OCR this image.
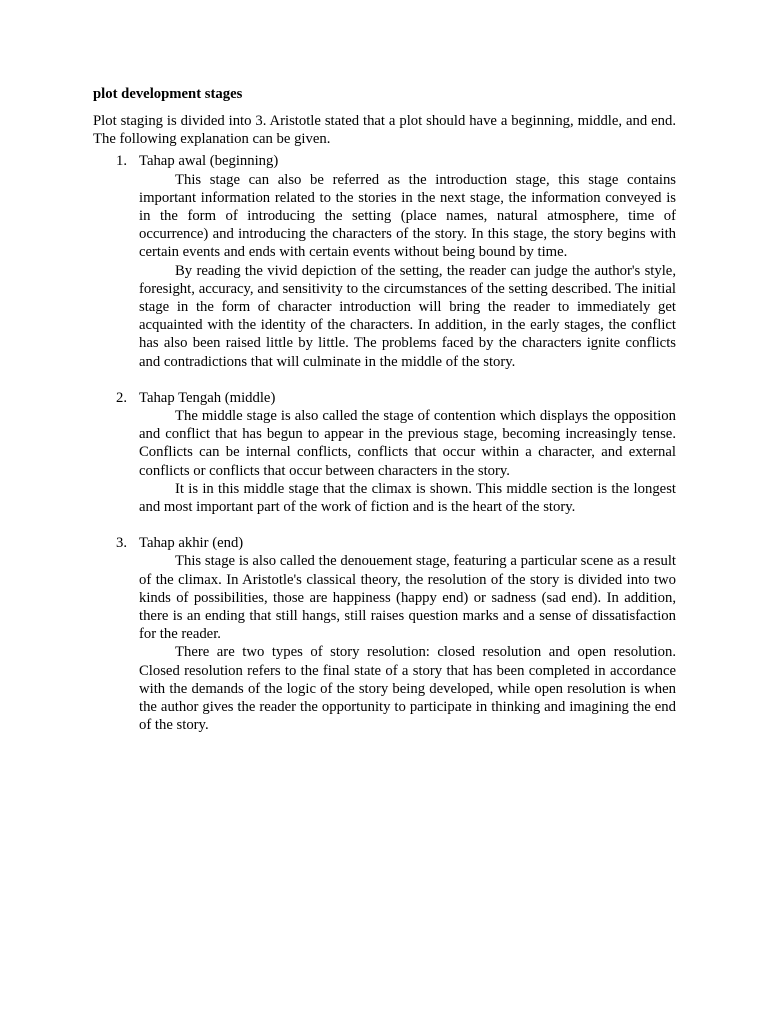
plot development stages

Plot staging is divided into 3. Aristotle stated that a plot should have a beginning, middle, and end. The following explanation can be given.

1. Tahap awal (beginning)

This stage can also be referred as the introduction stage, this stage contains important information related to the stories in the next stage, the information conveyed is in the form of introducing the setting (place names, natural atmosphere, time of occurrence) and introducing the characters of the story. In this stage, the story begins with certain events and ends with certain events without being bound by time.

By reading the vivid depiction of the setting, the reader can judge the author's style, foresight, accuracy, and sensitivity to the circumstances of the setting described. The initial stage in the form of character introduction will bring the reader to immediately get acquainted with the identity of the characters. In addition, in the early stages, the conflict has also been raised little by little. The problems faced by the characters ignite conflicts and contradictions that will culminate in the middle of the story.

2. Tahap Tengah (middle)

The middle stage is also called the stage of contention which displays the opposition and conflict that has begun to appear in the previous stage, becoming increasingly tense. Conflicts can be internal conflicts, conflicts that occur within a character, and external conflicts or conflicts that occur between characters in the story.

It is in this middle stage that the climax is shown. This middle section is the longest and most important part of the work of fiction and is the heart of the story.

3. Tahap akhir (end)

This stage is also called the denouement stage, featuring a particular scene as a result of the climax. In Aristotle's classical theory, the resolution of the story is divided into two kinds of possibilities, those are happiness (happy end) or sadness (sad end). In addition, there is an ending that still hangs, still raises question marks and a sense of dissatisfaction for the reader.

There are two types of story resolution: closed resolution and open resolution. Closed resolution refers to the final state of a story that has been completed in accordance with the demands of the logic of the story being developed, while open resolution is when the author gives the reader the opportunity to participate in thinking and imagining the end of the story.
